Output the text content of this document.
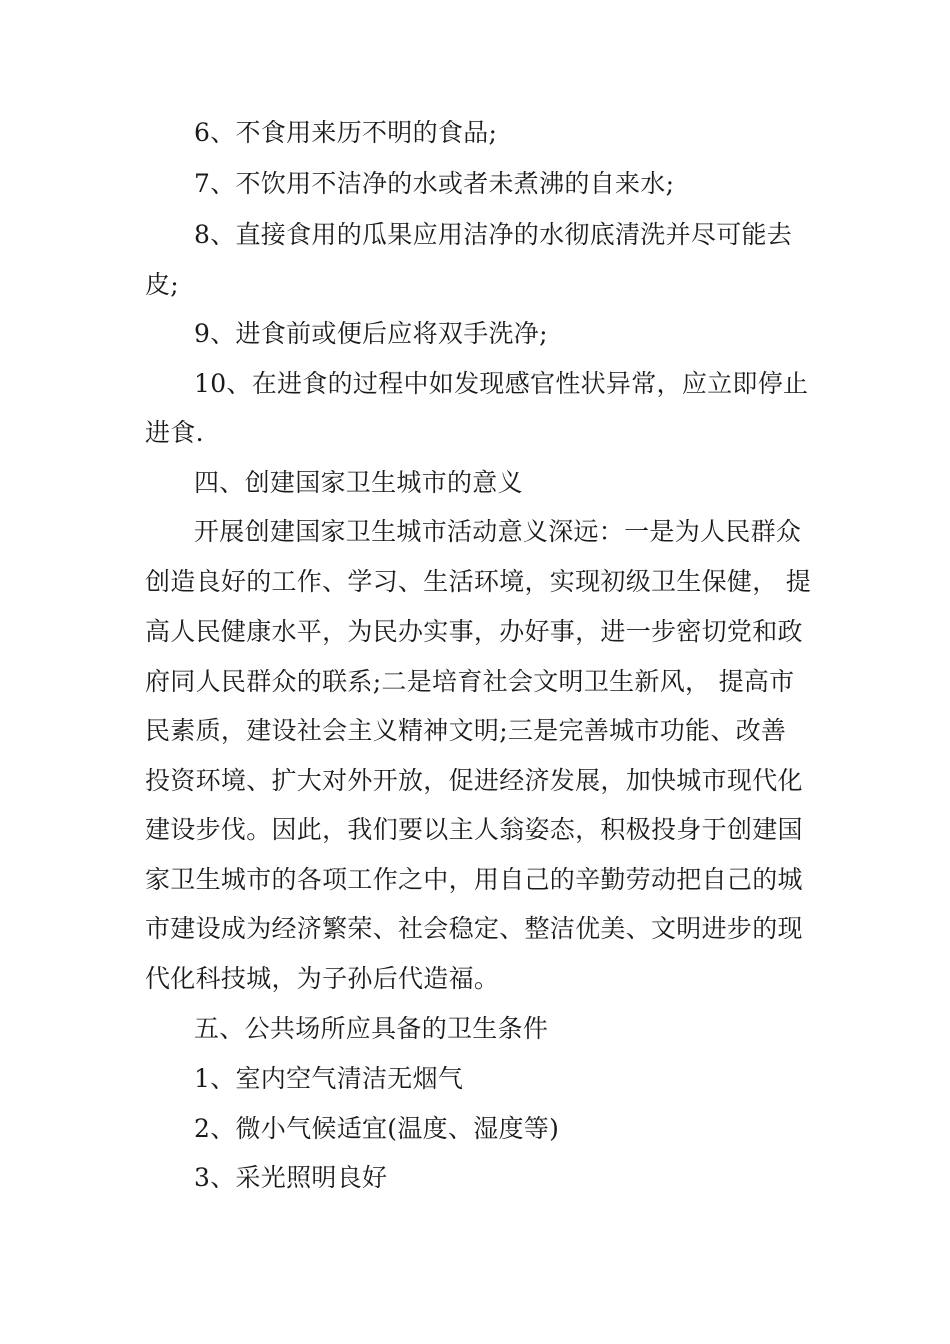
6、不食用来历不明的食品;
7、不饮用不洁净的水或者未煮沸的自来水;
8、直接食用的瓜果应用洁净的水彻底清洗并尽可能去
皮;
9、进食前或便后应将双手洗净;
10、在进食的过程中如发现感官性状异常，应立即停止
进食.
四、创建国家卫生城市的意义
开展创建国家卫生城市活动意义深远：一是为人民群众
创造良好的工作、学习、生活环境，实现初级卫生保健， 提
高人民健康水平，为民办实事，办好事，进一步密切党和政
府同人民群众的联系;二是培育社会文明卫生新风， 提高市
民素质，建设社会主义精神文明;三是完善城市功能、改善
投资环境、扩大对外开放，促进经济发展，加快城市现代化
建设步伐。因此，我们要以主人翁姿态，积极投身于创建国
家卫生城市的各项工作之中，用自己的辛勤劳动把自己的城
市建设成为经济繁荣、社会稳定、整洁优美、文明进步的现
代化科技城，为子孙后代造福。
五、公共场所应具备的卫生条件
1、室内空气清洁无烟气
2、微小气候适宜(温度、湿度等)
3、采光照明良好
